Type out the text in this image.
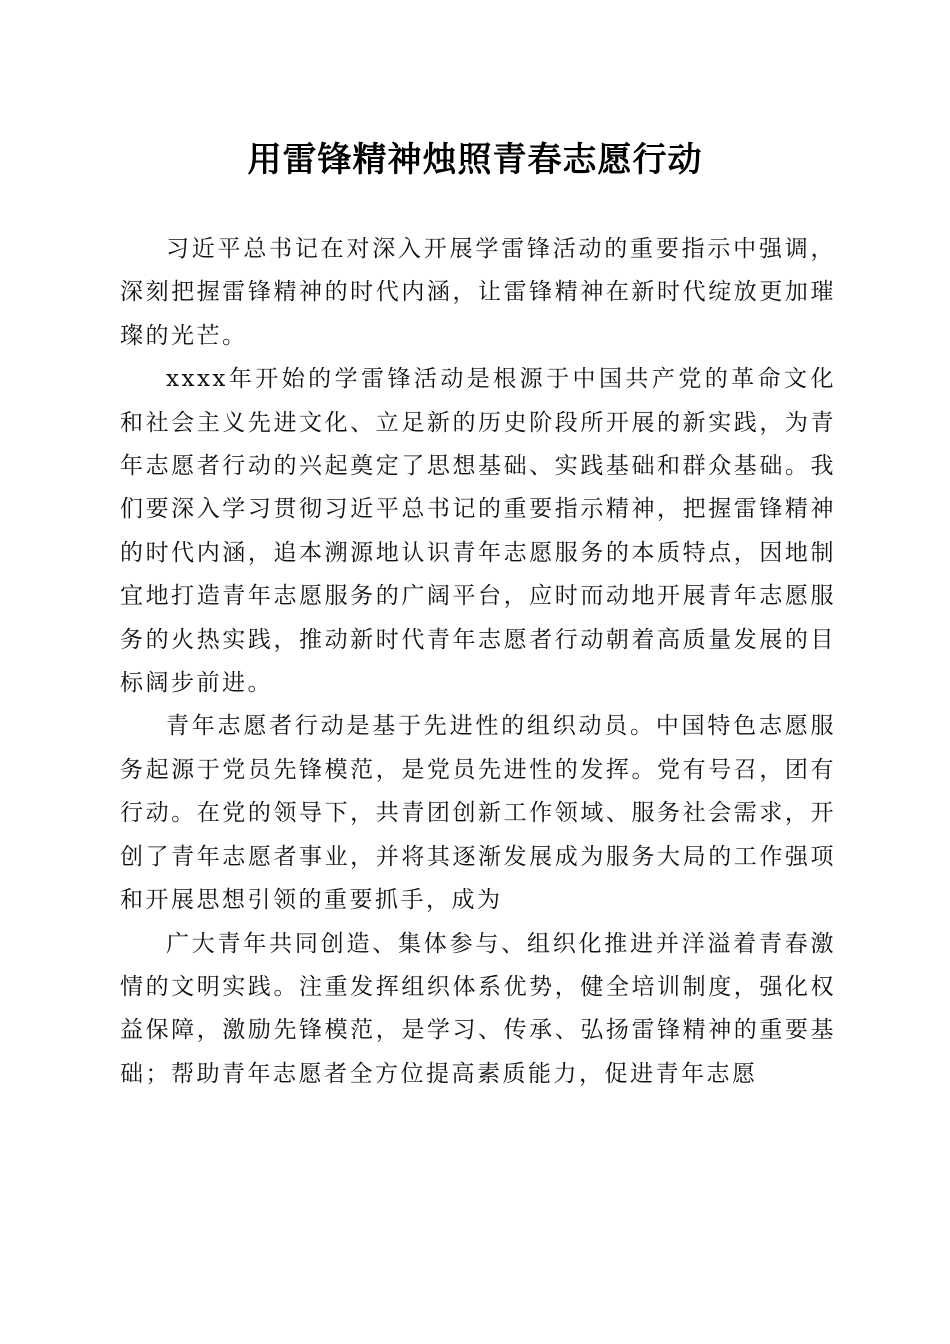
用雷锋精神烛照青春志愿行动

习近平总书记在对深入开展学雷锋活动的重要指示中强调，深刻把握雷锋精神的时代内涵，让雷锋精神在新时代绽放更加璀璨的光芒。

xxxx年开始的学雷锋活动是根源于中国共产党的革命文化和社会主义先进文化、立足新的历史阶段所开展的新实践，为青年志愿者行动的兴起奠定了思想基础、实践基础和群众基础。我们要深入学习贯彻习近平总书记的重要指示精神，把握雷锋精神的时代内涵，追本溯源地认识青年志愿服务的本质特点，因地制宜地打造青年志愿服务的广阔平台，应时而动地开展青年志愿服务的火热实践，推动新时代青年志愿者行动朝着高质量发展的目标阔步前进。

青年志愿者行动是基于先进性的组织动员。中国特色志愿服务起源于党员先锋模范，是党员先进性的发挥。党有号召，团有行动。在党的领导下，共青团创新工作领域、服务社会需求，开创了青年志愿者事业，并将其逐渐发展成为服务大局的工作强项和开展思想引领的重要抓手，成为

广大青年共同创造、集体参与、组织化推进并洋溢着青春激情的文明实践。注重发挥组织体系优势，健全培训制度，强化权益保障，激励先锋模范，是学习、传承、弘扬雷锋精神的重要基础；帮助青年志愿者全方位提高素质能力，促进青年志愿
